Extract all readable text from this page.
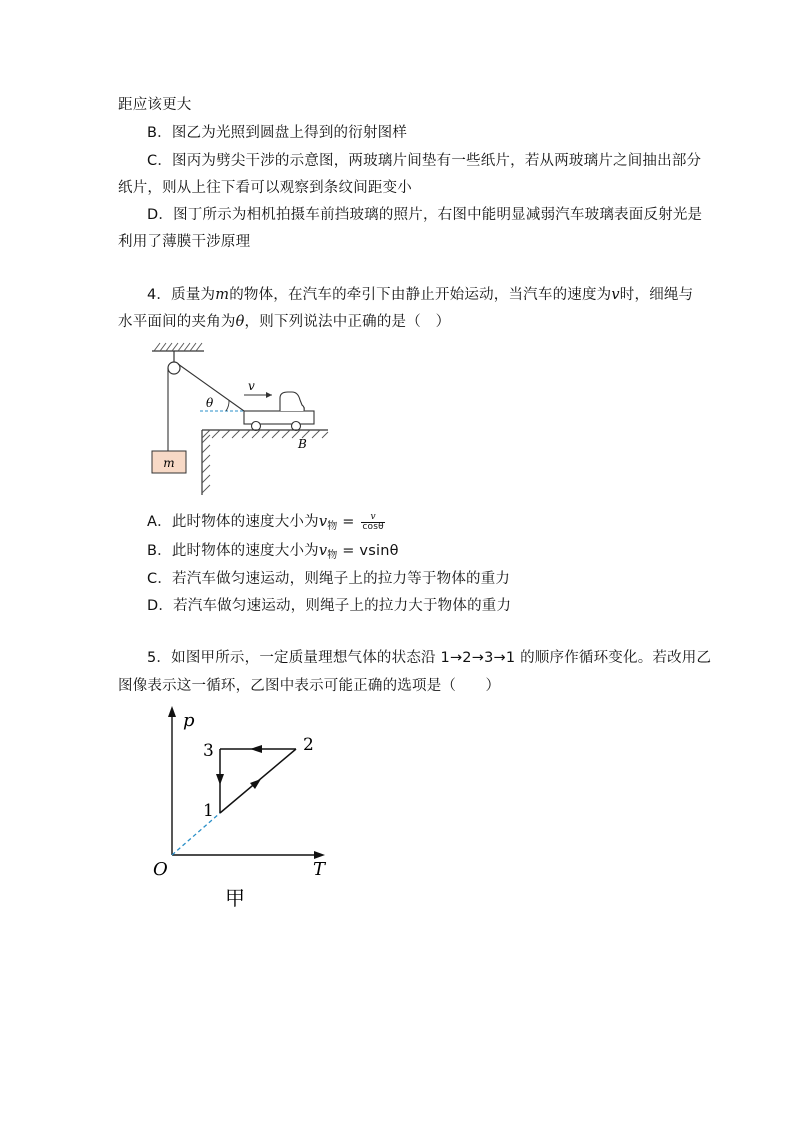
距应该更大
B．图乙为光照到圆盘上得到的衍射图样
C．图丙为劈尖干涉的示意图，两玻璃片间垫有一些纸片，若从两玻璃片之间抽出部分
纸片，则从上往下看可以观察到条纹间距变小
D．图丁所示为相机拍摄车前挡玻璃的照片，右图中能明显减弱汽车玻璃表面反射光是
利用了薄膜干涉原理
4．质量为m的物体，在汽车的牵引下由静止开始运动，当汽车的速度为v时，细绳与
水平面间的夹角为θ，则下列说法中正确的是（　）
m
θ
v
B
A．此时物体的速度大小为$v_物 = \frac{v}{\cos\theta}$
B．此时物体的速度大小为$v_物 = vsin\theta$
C．若汽车做匀速运动，则绳子上的拉力等于物体的重力
D．若汽车做匀速运动，则绳子上的拉力大于物体的重力
5．如图甲所示，一定质量理想气体的状态沿 1→2→3→1 的顺序作循环变化。若改用乙
图像表示这一循环，乙图中表示可能正确的选项是（　　）
p
T
O
1
2
3
甲
